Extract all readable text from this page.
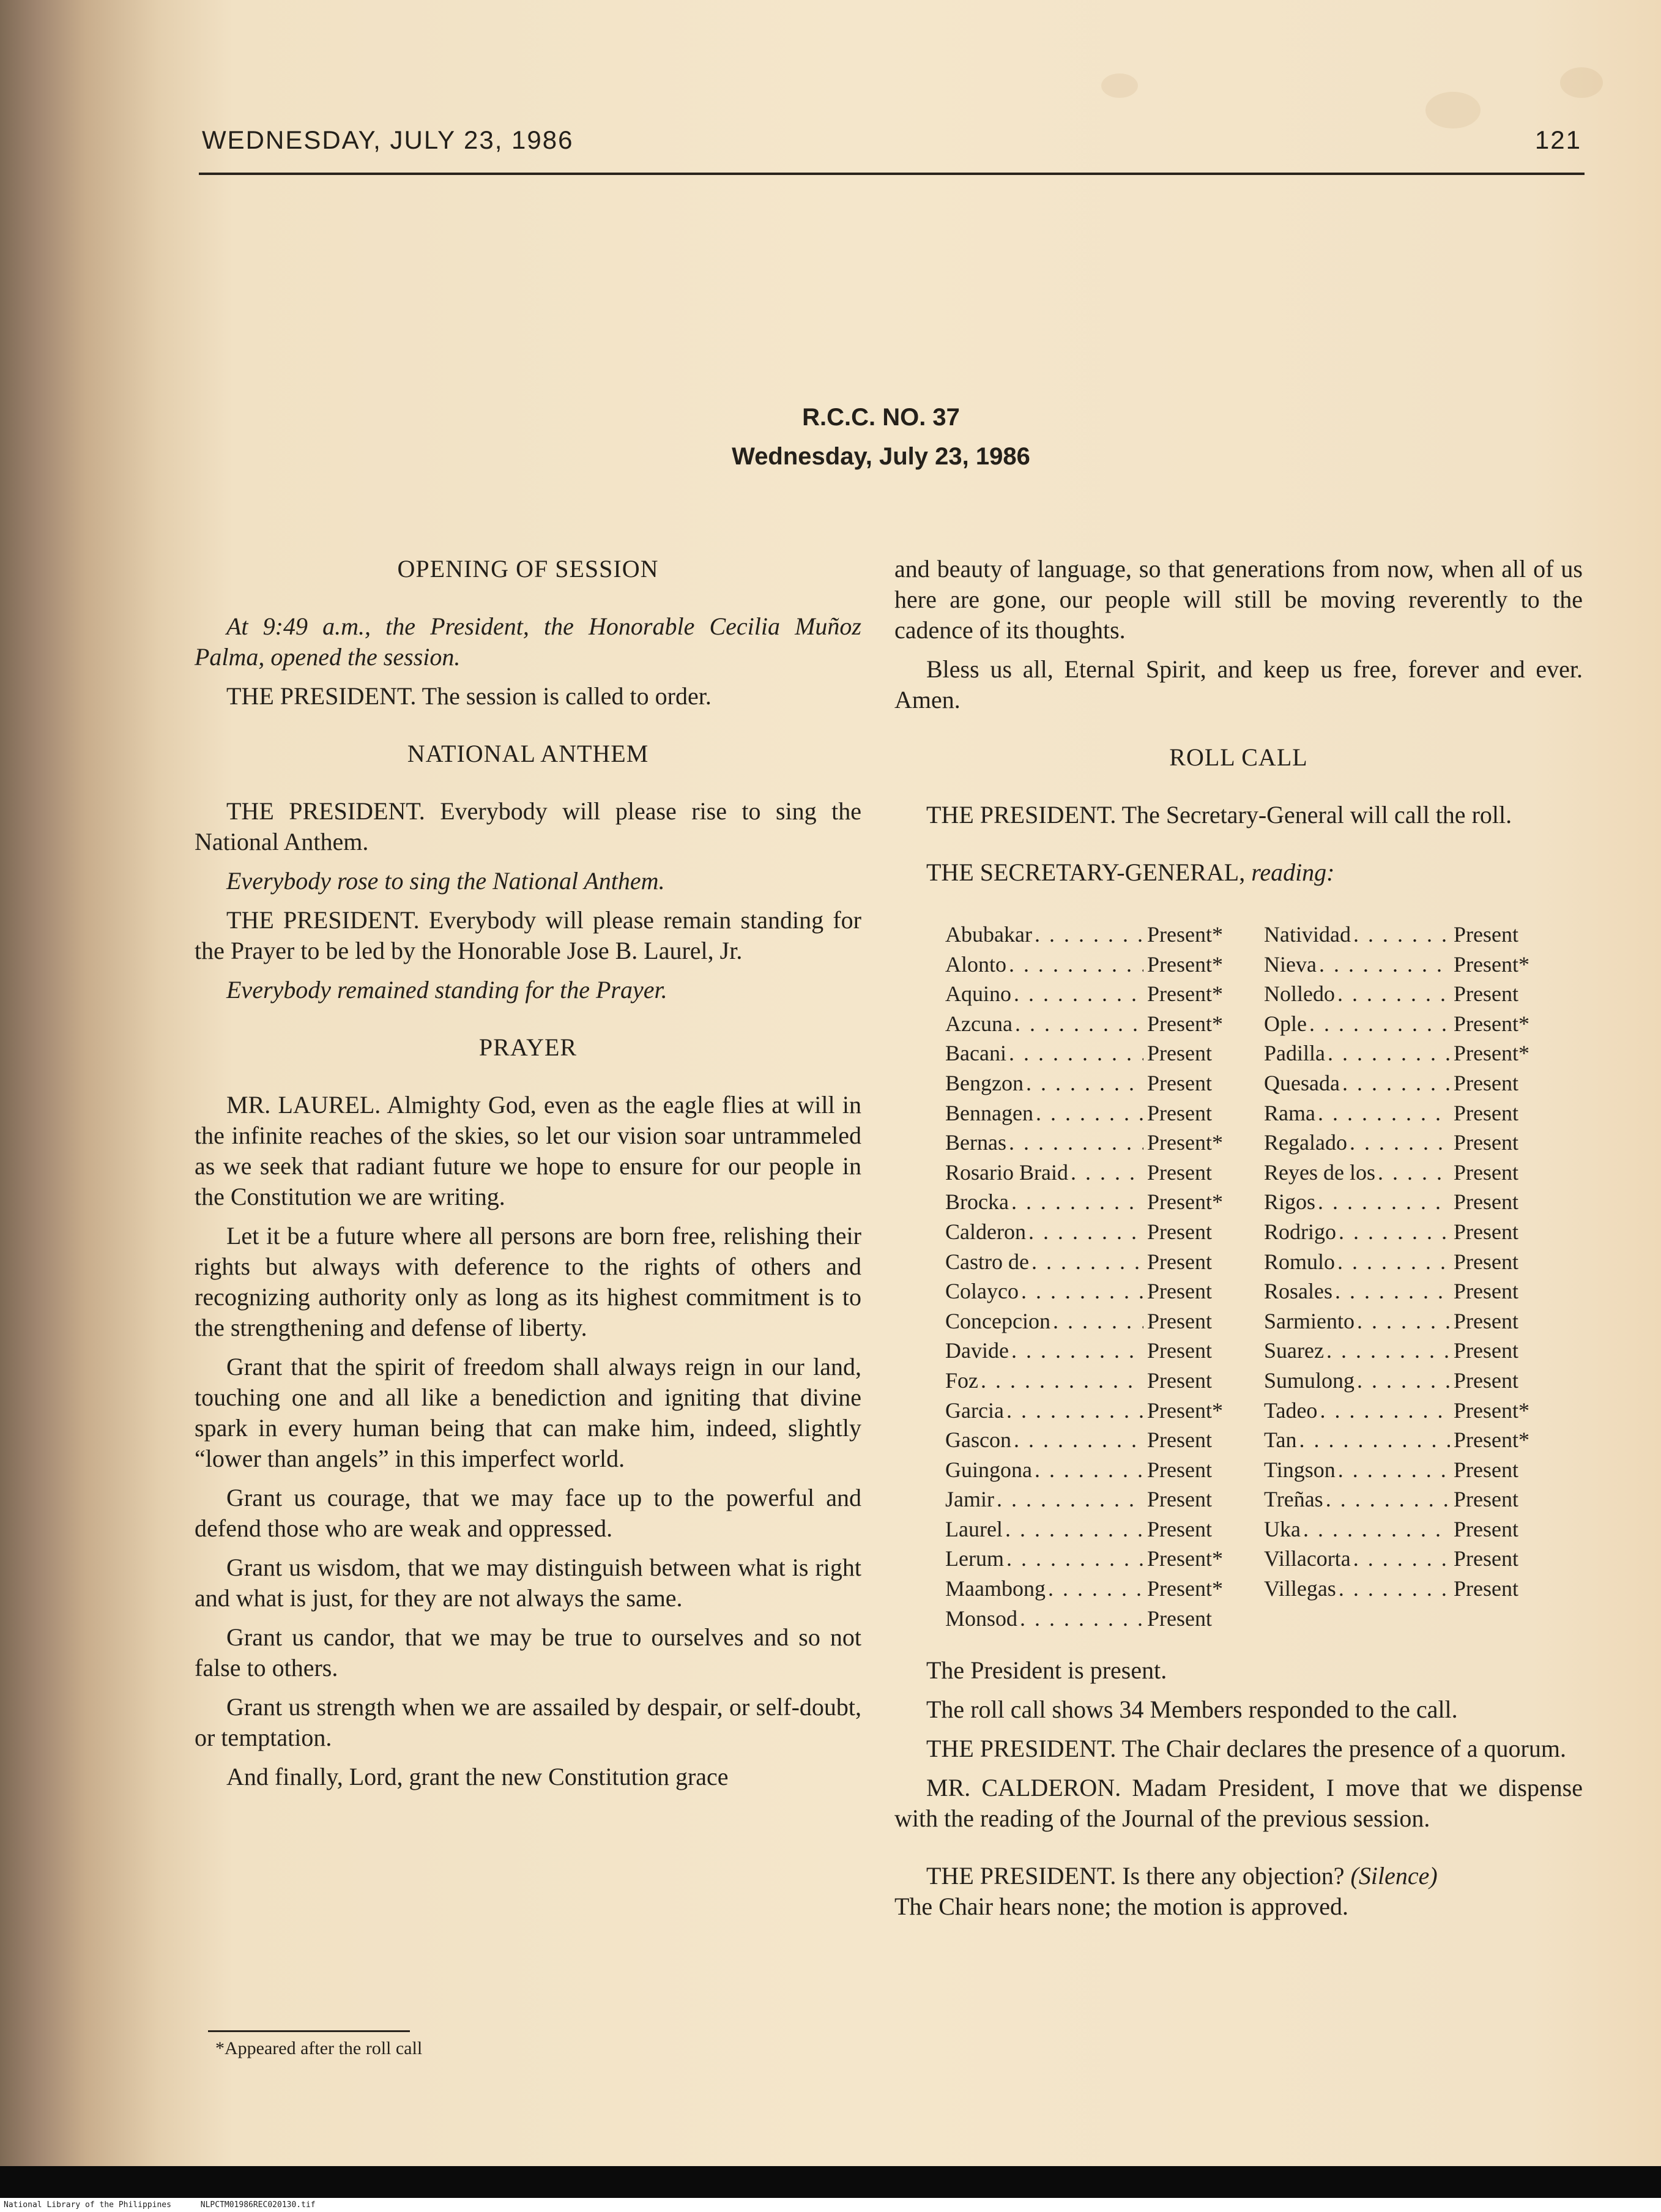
WEDNESDAY, JULY 23, 1986	121
R.C.C. NO. 37
Wednesday, July 23, 1986

OPENING OF SESSION

At 9:49 a.m., the President, the Honorable Cecilia Muñoz Palma, opened the session.

THE PRESIDENT. The session is called to order.

NATIONAL ANTHEM

THE PRESIDENT. Everybody will please rise to sing the National Anthem.

Everybody rose to sing the National Anthem.

THE PRESIDENT. Everybody will please remain standing for the Prayer to be led by the Honorable Jose B. Laurel, Jr.

Everybody remained standing for the Prayer.

PRAYER

MR. LAUREL. Almighty God, even as the eagle flies at will in the infinite reaches of the skies, so let our vision soar untrammeled as we seek that radiant future we hope to ensure for our people in the Constitution we are writing.

Let it be a future where all persons are born free, relishing their rights but always with deference to the rights of others and recognizing authority only as long as its highest commitment is to the strengthening and defense of liberty.

Grant that the spirit of freedom shall always reign in our land, touching one and all like a benediction and igniting that divine spark in every human being that can make him, indeed, slightly “lower than angels” in this imperfect world.

Grant us courage, that we may face up to the powerful and defend those who are weak and oppressed.

Grant us wisdom, that we may distinguish between what is right and what is just, for they are not always the same.

Grant us candor, that we may be true to ourselves and so not false to others.

Grant us strength when we are assailed by despair, or self-doubt, or temptation.

And finally, Lord, grant the new Constitution grace

and beauty of language, so that generations from now, when all of us here are gone, our people will still be moving reverently to the cadence of its thoughts.

Bless us all, Eternal Spirit, and keep us free, forever and ever. Amen.

ROLL CALL

THE PRESIDENT. The Secretary-General will call the roll.

THE SECRETARY-GENERAL, reading:

Abubakar . . .	Present*
Alonto . . .	Present*
Aquino . . .	Present*
Azcuna . . .	Present*
Bacani . . .	Present
Bengzon . . .	Present
Bennagen . . .	Present
Bernas . . .	Present*
Rosario Braid . . .	Present
Brocka . . .	Present*
Calderon . . .	Present
Castro de . . .	Present
Colayco . . .	Present
Concepcion . . .	Present
Davide . . .	Present
Foz . . .	Present
Garcia . . .	Present*
Gascon . . .	Present
Guingona . . .	Present
Jamir . . .	Present
Laurel . . .	Present
Lerum . . .	Present*
Maambong . . .	Present*
Monsod . . .	Present
Natividad . . .	Present
Nieva . . .	Present*
Nolledo . . .	Present
Ople . . .	Present*
Padilla . . .	Present*
Quesada . . .	Present
Rama . . .	Present
Regalado . . .	Present
Reyes de los . . .	Present
Rigos . . .	Present
Rodrigo . . .	Present
Romulo . . .	Present
Rosales . . .	Present
Sarmiento . . .	Present
Suarez . . .	Present
Sumulong . . .	Present
Tadeo . . .	Present*
Tan . . .	Present*
Tingson . . .	Present
Treñas . . .	Present
Uka . . .	Present
Villacorta . . .	Present
Villegas . . .	Present

The President is present.

The roll call shows 34 Members responded to the call.

THE PRESIDENT. The Chair declares the presence of a quorum.

MR. CALDERON. Madam President, I move that we dispense with the reading of the Journal of the previous session.

THE PRESIDENT. Is there any objection? (Silence)
The Chair hears none; the motion is approved.

*Appeared after the roll call
National Library of the Philippines	NLPCTM01986REC020130.tif
